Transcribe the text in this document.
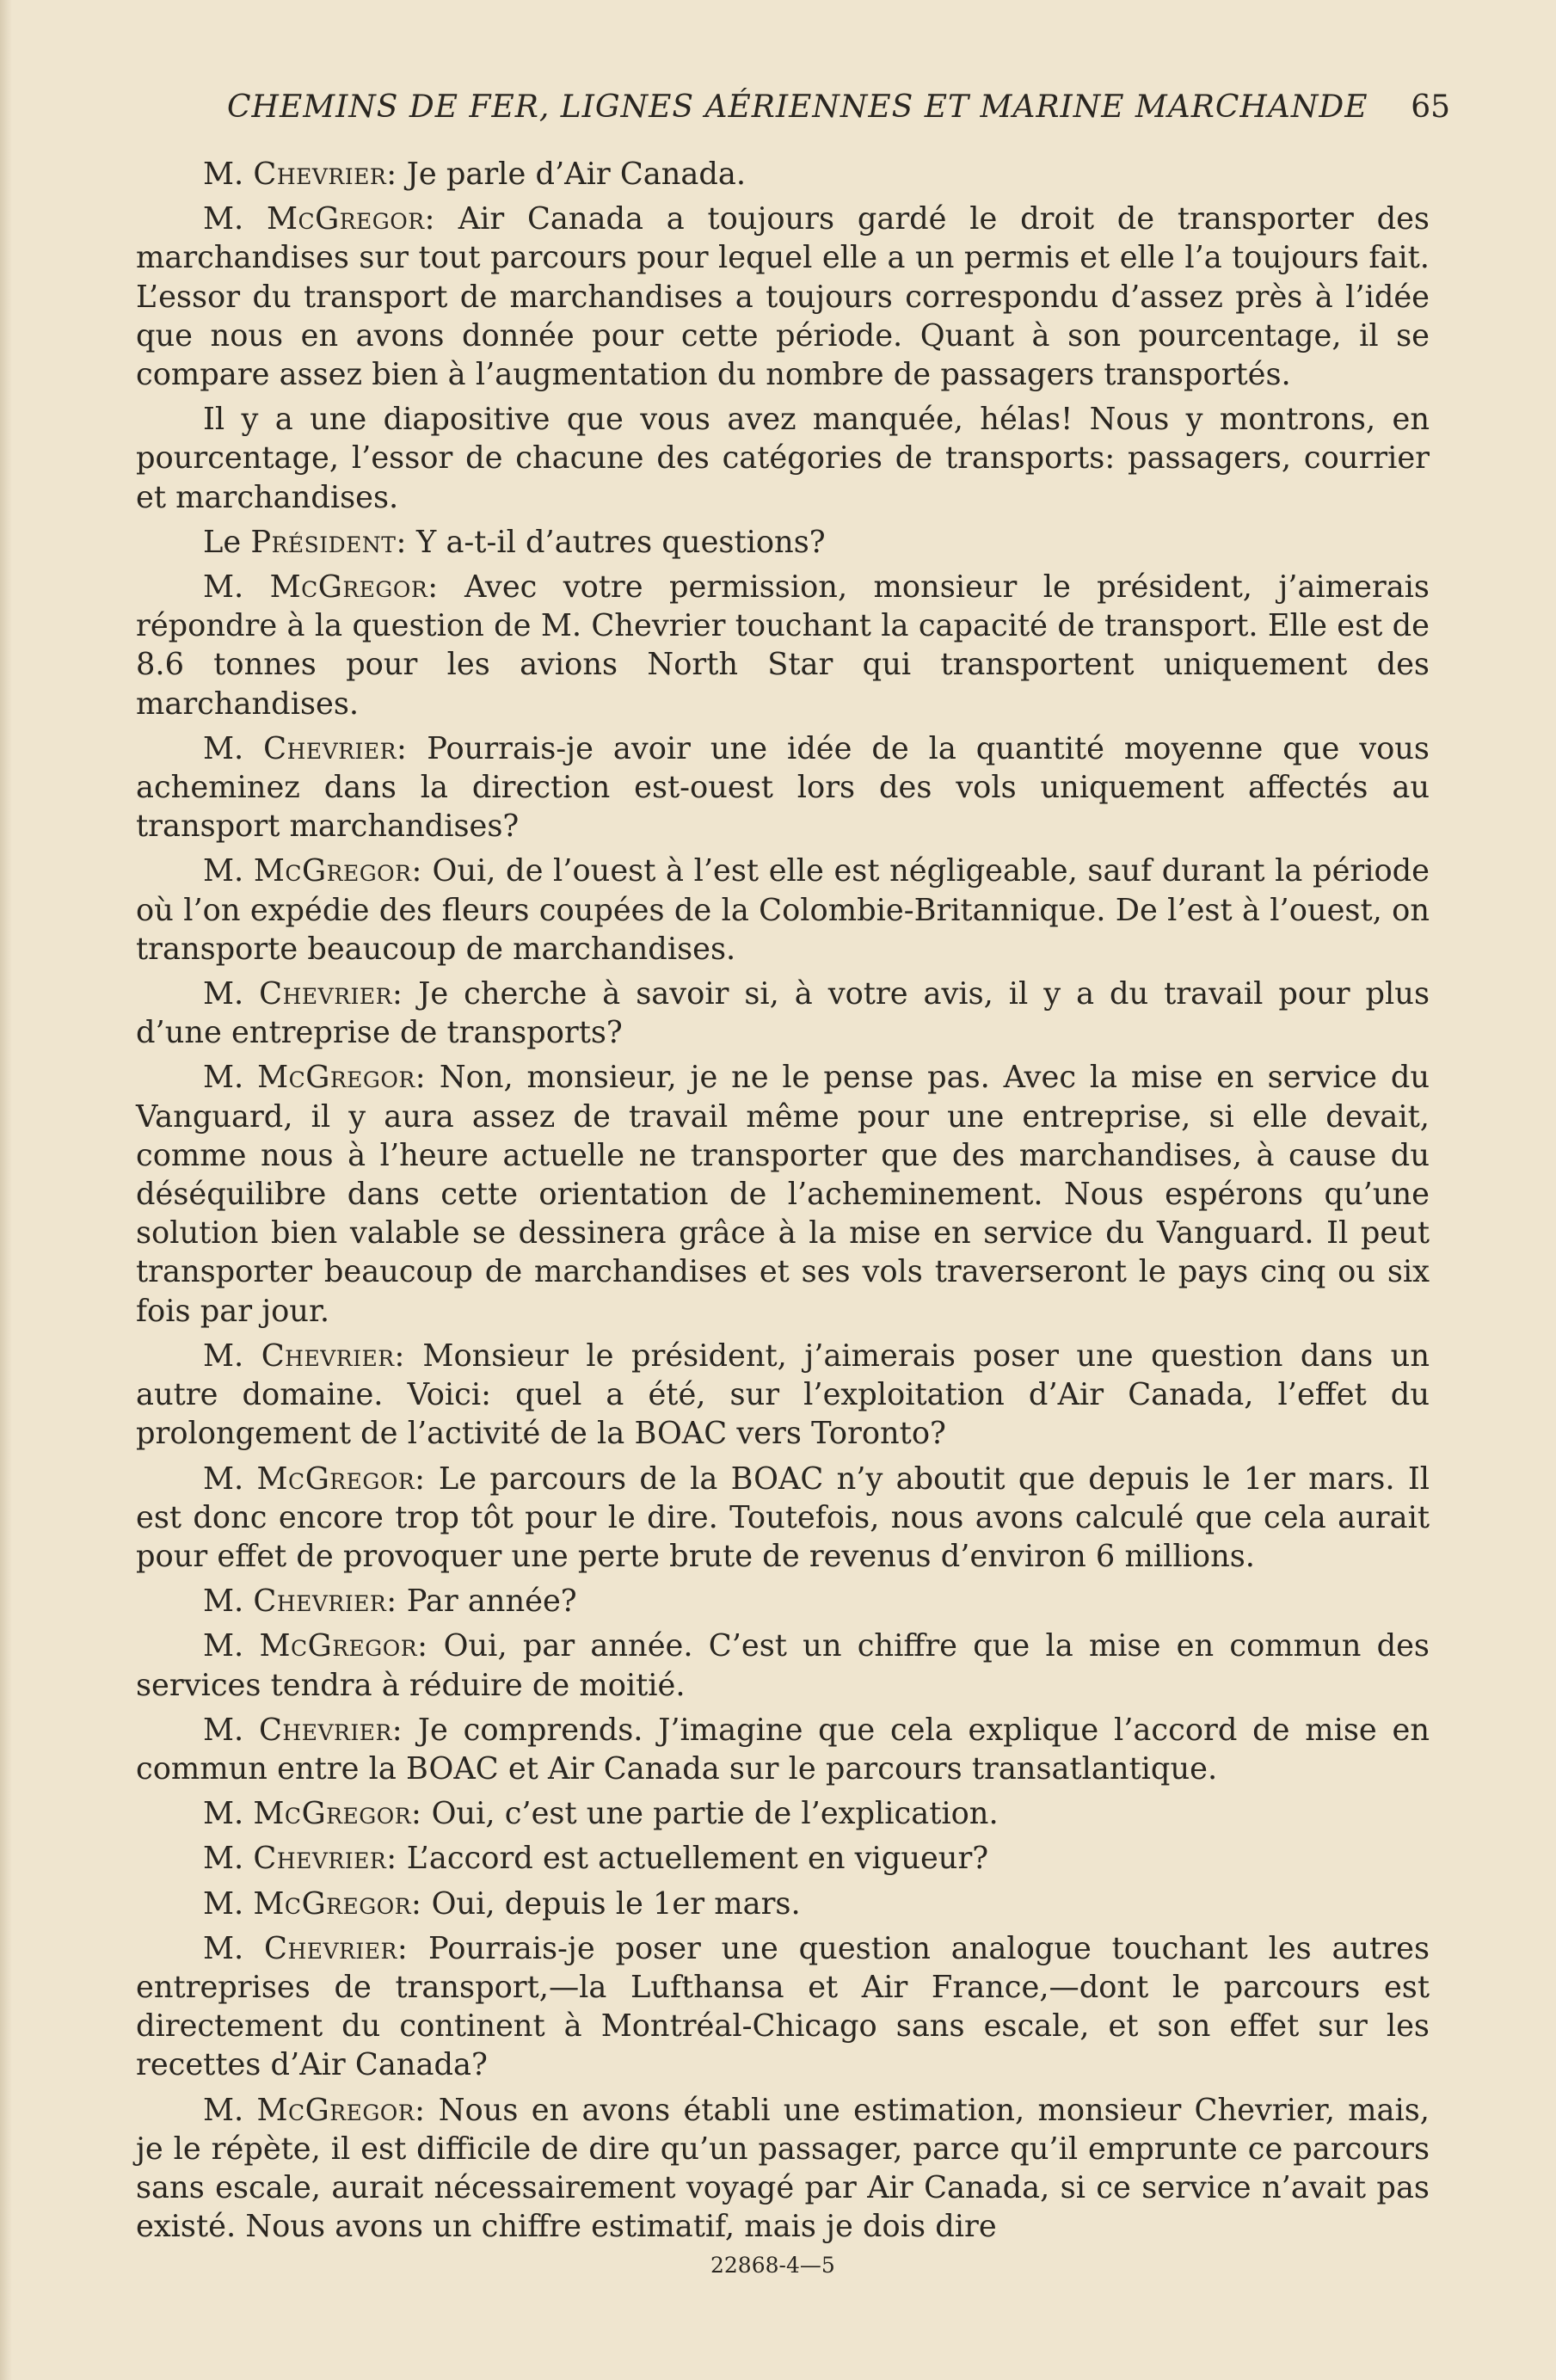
CHEMINS DE FER, LIGNES AÉRIENNES ET MARINE MARCHANDE	65

M. Chevrier: Je parle d’Air Canada.

M. McGregor: Air Canada a toujours gardé le droit de transporter des marchandises sur tout parcours pour lequel elle a un permis et elle l’a toujours fait. L’essor du transport de marchandises a toujours correspondu d’assez près à l’idée que nous en avons donnée pour cette période. Quant à son pourcentage, il se compare assez bien à l’augmentation du nombre de passagers transportés.

Il y a une diapositive que vous avez manquée, hélas! Nous y montrons, en pourcentage, l’essor de chacune des catégories de transports: passagers, courrier et marchandises.

Le Président: Y a-t-il d’autres questions?

M. McGregor: Avec votre permission, monsieur le président, j’aimerais répondre à la question de M. Chevrier touchant la capacité de transport. Elle est de 8.6 tonnes pour les avions North Star qui transportent uniquement des marchandises.

M. Chevrier: Pourrais-je avoir une idée de la quantité moyenne que vous acheminez dans la direction est-ouest lors des vols uniquement affectés au transport marchandises?

M. McGregor: Oui, de l’ouest à l’est elle est négligeable, sauf durant la période où l’on expédie des fleurs coupées de la Colombie-Britannique. De l’est à l’ouest, on transporte beaucoup de marchandises.

M. Chevrier: Je cherche à savoir si, à votre avis, il y a du travail pour plus d’une entreprise de transports?

M. McGregor: Non, monsieur, je ne le pense pas. Avec la mise en service du Vanguard, il y aura assez de travail même pour une entreprise, si elle devait, comme nous à l’heure actuelle ne transporter que des marchandises, à cause du déséquilibre dans cette orientation de l’acheminement. Nous espérons qu’une solution bien valable se dessinera grâce à la mise en service du Vanguard. Il peut transporter beaucoup de marchandises et ses vols traverseront le pays cinq ou six fois par jour.

M. Chevrier: Monsieur le président, j’aimerais poser une question dans un autre domaine. Voici: quel a été, sur l’exploitation d’Air Canada, l’effet du prolongement de l’activité de la BOAC vers Toronto?

M. McGregor: Le parcours de la BOAC n’y aboutit que depuis le 1er mars. Il est donc encore trop tôt pour le dire. Toutefois, nous avons calculé que cela aurait pour effet de provoquer une perte brute de revenus d’environ 6 millions.

M. Chevrier: Par année?

M. McGregor: Oui, par année. C’est un chiffre que la mise en commun des services tendra à réduire de moitié.

M. Chevrier: Je comprends. J’imagine que cela explique l’accord de mise en commun entre la BOAC et Air Canada sur le parcours transatlantique.

M. McGregor: Oui, c’est une partie de l’explication.

M. Chevrier: L’accord est actuellement en vigueur?

M. McGregor: Oui, depuis le 1er mars.

M. Chevrier: Pourrais-je poser une question analogue touchant les autres entreprises de transport,—la Lufthansa et Air France,—dont le parcours est directement du continent à Montréal-Chicago sans escale, et son effet sur les recettes d’Air Canada?

M. McGregor: Nous en avons établi une estimation, monsieur Chevrier, mais, je le répète, il est difficile de dire qu’un passager, parce qu’il emprunte ce parcours sans escale, aurait nécessairement voyagé par Air Canada, si ce service n’avait pas existé. Nous avons un chiffre estimatif, mais je dois dire

22868-4—5
